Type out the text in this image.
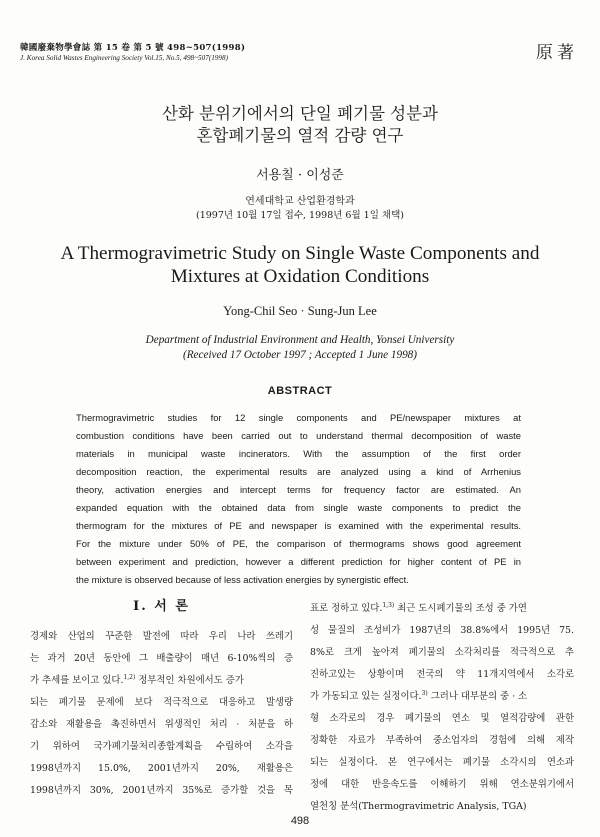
韓國廢棄物學會誌 第 15 卷 第 5 號 498~507(1998)
J. Korea Solid Wastes Engineering Society Vol.15, No.5, 498~507(1998)	原著
산화 분위기에서의 단일 폐기물 성분과
혼합폐기물의 열적 감량 연구
서용칠 · 이성준
연세대학교 산업환경학과
(1997년 10월 17일 접수, 1998년 6월 1일 채택)
A Thermogravimetric Study on Single Waste Components and
Mixtures at Oxidation Conditions
Yong-Chil Seo · Sung-Jun Lee
Department of Industrial Environment and Health, Yonsei University
(Received 17 October 1997 ; Accepted 1 June 1998)
ABSTRACT
Thermogravimetric studies for 12 single components and PE/newspaper mixtures at
combustion conditions have been carried out to understand thermal decomposition of waste
materials in municipal waste incinerators. With the assumption of the first order
decomposition reaction, the experimental results are analyzed using a kind of Arrhenius
theory, activation energies and intercept terms for frequency factor are estimated. An
expanded equation with the obtained data from single waste components to predict the
thermogram for the mixtures of PE and newspaper is examined with the experimental results.
For the mixture under 50% of PE, the comparison of thermograms shows good agreement
between experiment and prediction, however a different prediction for higher content of PE in
the mixture is observed because of less activation energies by synergistic effect.
Ⅰ. 서 론
경제와 산업의 꾸준한 발전에 따라 우리 나라 쓰레기
는 과거 20년 동안에 그 배출량이 매년 6-10%씩의 증
가 추세를 보이고 있다.$^{1,2)}$ 정부적인 차원에서도 증가
되는 폐기물 문제에 보다 적극적으로 대응하고 발생량
감소와 재활용을 촉진하면서 위생적인 처리 · 처분을 하
기 위하여 국가폐기물처리종합계획을 수립하여 소각을
1998년까지 15.0%, 2001년까지 20%, 재활용은
1998년까지 30%, 2001년까지 35%로 증가할 것을 목
표로 정하고 있다.$^{1,3)}$ 최근 도시폐기물의 조성 중 가연
성 물질의 조성비가 1987년의 38.8%에서 1995년 75.
8%로 크게 높아져 폐기물의 소각처리를 적극적으로 추
진하고있는 상황이며 전국의 약 11개지역에서 소각로
가 가동되고 있는 실정이다.$^{3)}$ 그러나 대부분의 중 · 소
형 소각로의 경우 폐기물의 연소 및 열적감량에 관한
정확한 자료가 부족하여 중소업자의 경험에 의해 제작
되는 실정이다. 본 연구에서는 폐기물 소각시의 연소과
정에 대한 반응속도를 이해하기 위해 연소분위기에서
열천칭 분석(Thermogravimetric Analysis, TGA)
498
